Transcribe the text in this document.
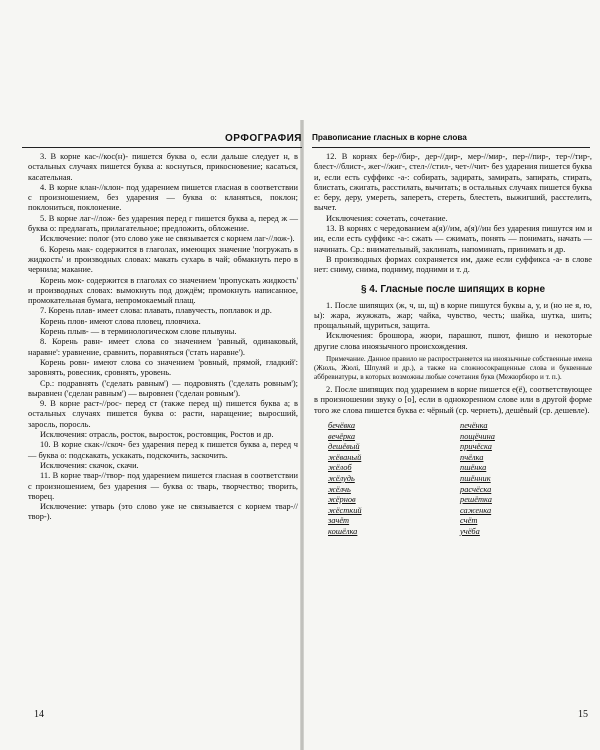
ОРФОГРАФИЯ

3. В корне кас-//кос(н)- пишется буква о, если дальше следует н, в остальных случаях пишется буква а: коснуться, прикосновение; касаться, касательная.

4. В корне клан-//клон- под ударением пишется гласная в соответствии с произношением, без ударения — буква о: кланяться, поклон; поклониться, поклонение.

5. В корне лаг-//лож- без ударения перед г пишется буква а, перед ж — буква о: предлагать, прилагательное; предложить, обложение.

Исключение: полог (это слово уже не связывается с корнем лаг-//лож-).

6. Корень мак- содержится в глаголах, имеющих значение 'погружать в жидкость' и производных словах: макать сухарь в чай; обмакнуть перо в чернила; макание.

Корень мок- содержится в глаголах со значением 'пропускать жидкость' и производных словах: вымокнуть под дождём; промокнуть написанное, промокательная бумага, непромокаемый плащ.

7. Корень плав- имеет слова: плавать, плавучесть, поплавок и др.

Корень плов- имеют слова пловец, пловчиха.

Корень плыв- — в терминологическом слове плывуны.

8. Корень равн- имеет слова со значением 'равный, одинаковый, наравне': уравнение, сравнить, поравняться ('стать наравне').

Корень ровн- имеют слова со значением 'ровный, прямой, гладкий': заровнять, ровесник, сровнять, уровень.

Ср.: подравнять ('сделать равным') — подровнять ('сделать ровным'); выравнен ('сделан равным') — выровнен ('сделан ровным').

9. В корне раст-//рос- перед ст (также перед щ) пишется буква а; в остальных случаях пишется буква о: расти, наращение; выросший, заросль, поросль.

Исключения: отрасль, росток, выросток, ростовщик, Ростов и др.

10. В корне скак-//скоч- без ударения перед к пишется буква а, перед ч — буква о: подскакать, ускакать, подскочить, заскочить.

Исключения: скачок, скачи.

11. В корне твар-//твор- под ударением пишется гласная в соответствии с произношением, без ударения — буква о: тварь, творчество; творить, творец.

Исключение: утварь (это слово уже не связывается с корнем твар-//твор-).

14
Правописание гласных в корне слова

12. В корнях бер-//бир-, дер-//дир-, мер-//мир-, пер-//пир-, тер-//тир-, блест-//блист-, жег-//жиг-, стел-//стил-, чет-//чит- без ударения пишется буква и, если есть суффикс -а-: собирать, задирать, замирать, запирать, стирать, блистать, сжигать, расстилать, вычитать; в остальных случаях пишется буква е: беру, деру, умереть, заперетъ, стереть, блестеть, выжигший, расстелить, вычет.

Исключения: сочетать, сочетание.

13. В корнях с чередованием а(я)//им, а(я)//ин без ударения пишутся им и ин, если есть суффикс -а-: сжать — сжимать, понять — понимать, начать — начинать. Ср.: внимательный, заклинать, напоминать, принимать и др.

В производных формах сохраняется им, даже если суффикса -а- в слове нет: сниму, снима, подниму, подними и т. д.

§ 4. Гласные после шипящих в корне

1. После шипящих (ж, ч, ш, щ) в корне пишутся буквы а, у, и (но не я, ю, ы): жара, жужжать, жар; чайка, чувство, честь; шайка, шутка, шить; прощальный, щуриться, защита.

Исключения: брошюра, жюри, парашют, пшют, фишю и некоторые другие слова иноязычного происхождения.

Примечание. Данное правило не распространяется на иноязычные собственные имена (Жюль, Жюлi, Шпуляй и др.), а также на сложносокращенные слова и буквенные аббревиатуры, в которых возможны любые сочетания букв (Межюрбюро и т. п.).

2. После шипящих под ударением в корне пишется е(ё), соответствующее в произношении звуку о [о], если в однокоренном слове или в другой форме того же слова пишется буква е: чёрный (ср. чернеть), дешёвый (ср. дешевле).

бечёвка
вечёрка
дешёвый
жёваный
жёлоб
жёлудь
жёлчь
жёрнов
жёсткий
зачёт
кошёлка
печёнка
пощёчина
причёска
пчёлка
пшёнка
пшённик
расчёска
решётка
саженка
счёт
учёба
15
